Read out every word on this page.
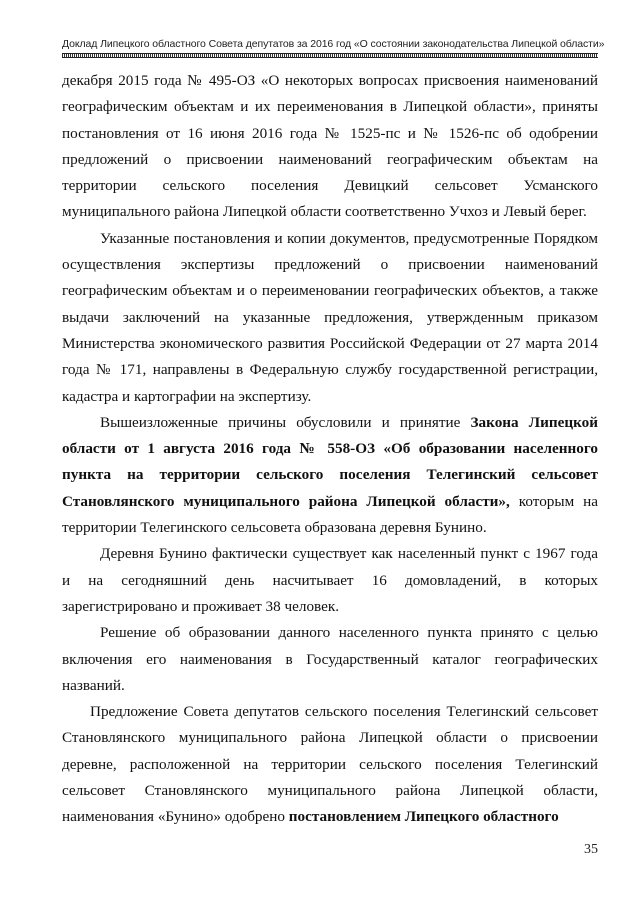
Доклад Липецкого областного Совета депутатов за 2016 год «О состоянии законодательства Липецкой области»

декабря 2015 года № 495-ОЗ «О некоторых вопросах присвоения наименований географическим объектам и их переименования в Липецкой области», приняты постановления от 16 июня 2016 года № 1525-пс и № 1526-пс об одобрении предложений о присвоении наименований географическим объектам на территории сельского поселения Девицкий сельсовет Усманского муниципального района Липецкой области соответственно Учхоз и Левый берег.

Указанные постановления и копии документов, предусмотренные Порядком осуществления экспертизы предложений о присвоении наименований географическим объектам и о переименовании географических объектов, а также выдачи заключений на указанные предложения, утвержденным приказом Министерства экономического развития Российской Федерации от 27 марта 2014 года № 171, направлены в Федеральную службу государственной регистрации, кадастра и картографии на экспертизу.

Вышеизложенные причины обусловили и принятие Закона Липецкой области от 1 августа 2016 года № 558-ОЗ «Об образовании населенного пункта на территории сельского поселения Телегинский сельсовет Становлянского муниципального района Липецкой области», которым на территории Телегинского сельсовета образована деревня Бунино.

Деревня Бунино фактически существует как населенный пункт с 1967 года и на сегодняшний день насчитывает 16 домовладений, в которых зарегистрировано и проживает 38 человек.

Решение об образовании данного населенного пункта принято с целью включения его наименования в Государственный каталог географических названий.

Предложение Совета депутатов сельского поселения Телегинский сельсовет Становлянского муниципального района Липецкой области о присвоении деревне, расположенной на территории сельского поселения Телегинский сельсовет Становлянского муниципального района Липецкой области, наименования «Бунино» одобрено постановлением Липецкого областного

35
